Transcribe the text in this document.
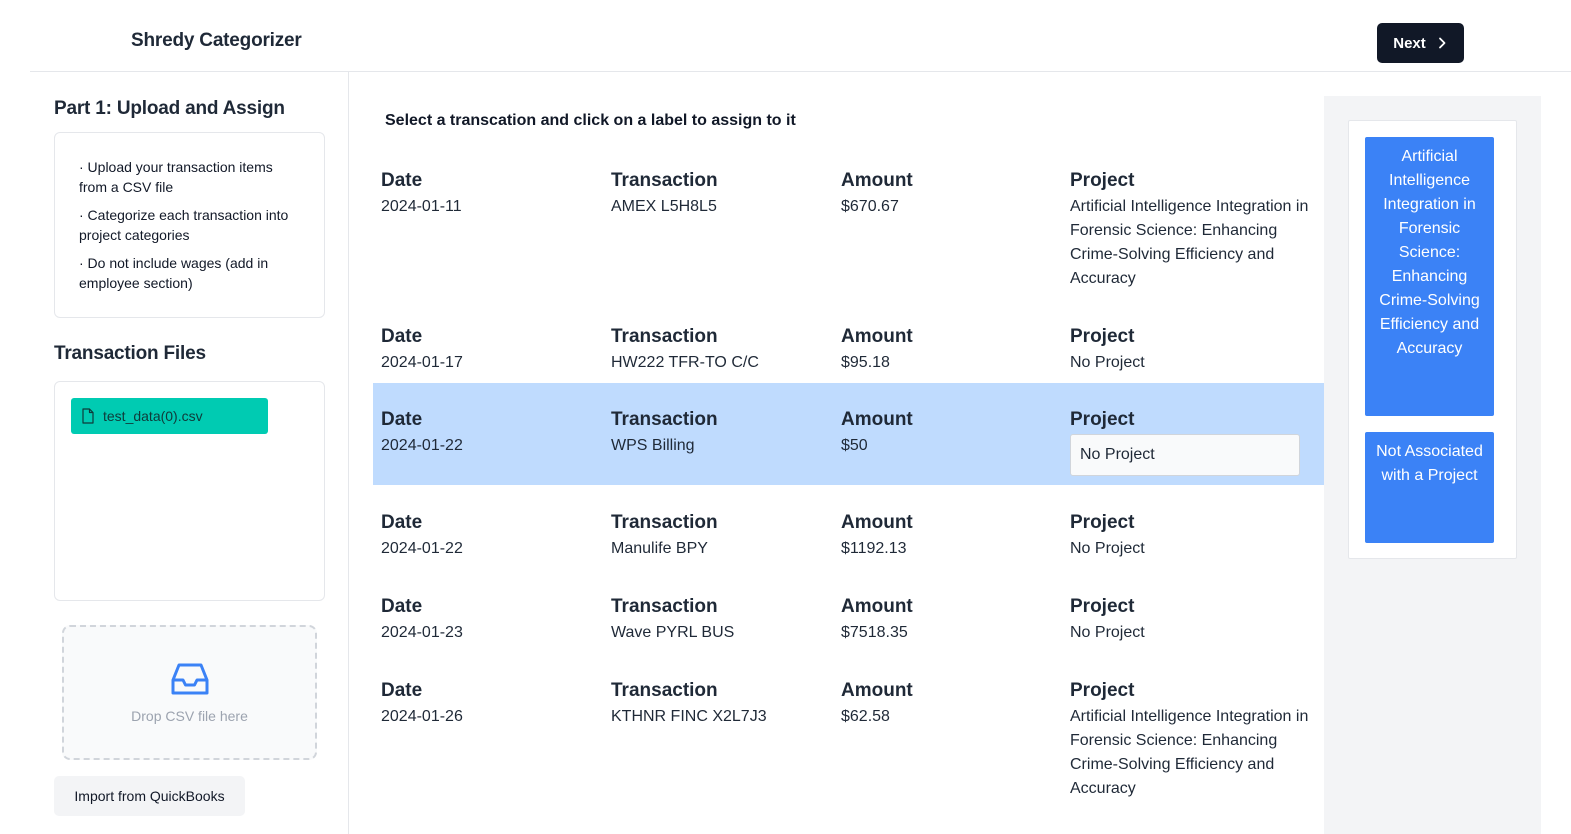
Shredy Categorizer	Next
Part 1: Upload and Assign
· Upload your transaction items from a CSV file
· Categorize each transaction into project categories
· Do not include wages (add in employee section)
Transaction Files
test_data(0).csv
Drop CSV file here
Import from QuickBooks
Select a transcation and click on a label to assign to it
Date
2024-01-11
Transaction
AMEX L5H8L5
Amount
$670.67
Project
Artificial Intelligence Integration in Forensic Science: Enhancing Crime-Solving Efficiency and Accuracy
Date
2024-01-17
Transaction
HW222 TFR-TO C/C
Amount
$95.18
Project
No Project
Date
2024-01-22
Transaction
WPS Billing
Amount
$50
Project
No Project
Date
2024-01-22
Transaction
Manulife BPY
Amount
$1192.13
Project
No Project
Date
2024-01-23
Transaction
Wave PYRL BUS
Amount
$7518.35
Project
No Project
Date
2024-01-26
Transaction
KTHNR FINC X2L7J3
Amount
$62.58
Project
Artificial Intelligence Integration in Forensic Science: Enhancing Crime-Solving Efficiency and Accuracy
Artificial Intelligence Integration in Forensic Science: Enhancing Crime-Solving Efficiency and Accuracy
Not Associated with a Project
